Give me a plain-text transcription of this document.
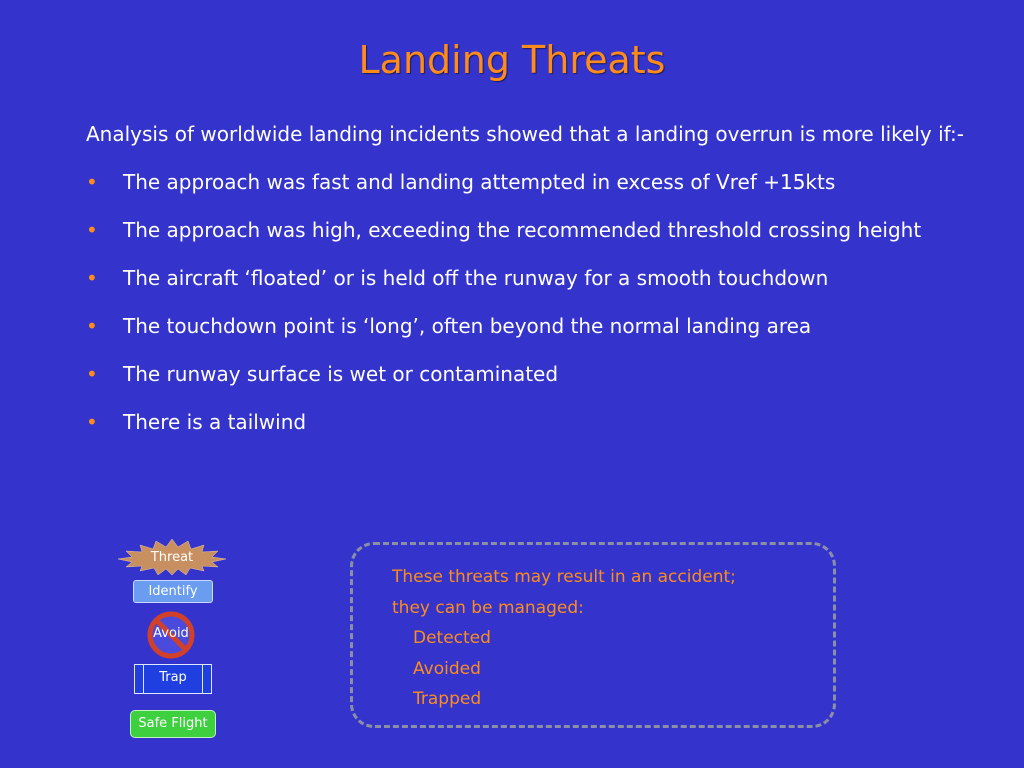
Landing Threats
Analysis of worldwide landing incidents showed that a landing overrun is more likely if:-
• The approach was fast and landing attempted in excess of Vref +15kts
• The approach was high, exceeding the recommended threshold crossing height
• The aircraft ‘floated’ or is held off the runway for a smooth touchdown
• The touchdown point is ‘long’, often beyond the normal landing area
• The runway surface is wet or contaminated
• There is a tailwind
Threat
Identify
Avoid
Trap
Safe Flight
These threats may result in an accident;
they can be managed:
Detected
Avoided
Trapped
